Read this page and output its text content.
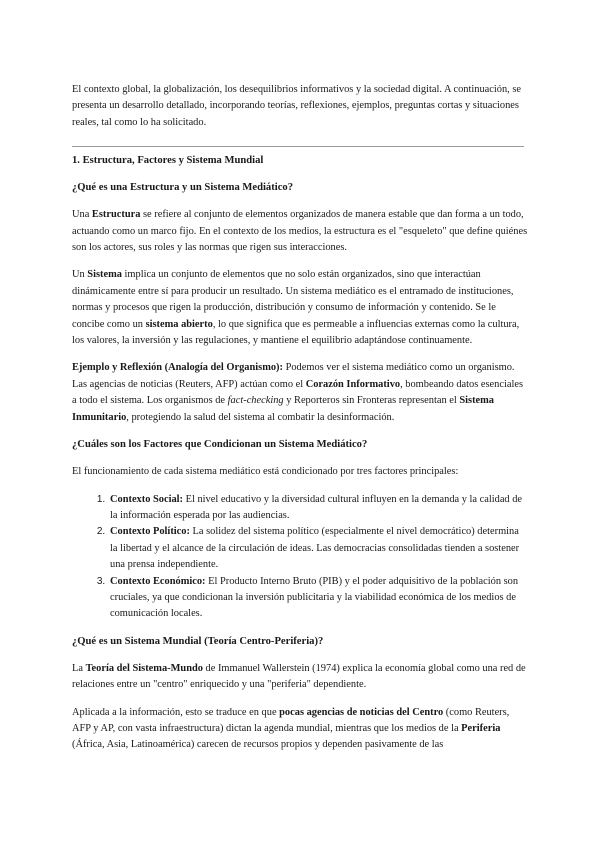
El contexto global, la globalización, los desequilibrios informativos y la sociedad digital. A continuación, se presenta un desarrollo detallado, incorporando teorías, reflexiones, ejemplos, preguntas cortas y situaciones reales, tal como lo ha solicitado.

1. Estructura, Factores y Sistema Mundial
¿Qué es una Estructura y un Sistema Mediático?

Una Estructura se refiere al conjunto de elementos organizados de manera estable que dan forma a un todo, actuando como un marco fijo. En el contexto de los medios, la estructura es el "esqueleto" que define quiénes son los actores, sus roles y las normas que rigen sus interacciones.

Un Sistema implica un conjunto de elementos que no solo están organizados, sino que interactúan dinámicamente entre sí para producir un resultado. Un sistema mediático es el entramado de instituciones, normas y procesos que rigen la producción, distribución y consumo de información y contenido. Se le concibe como un sistema abierto, lo que significa que es permeable a influencias externas como la cultura, los valores, la inversión y las regulaciones, y mantiene el equilibrio adaptándose continuamente.

Ejemplo y Reflexión (Analogía del Organismo): Podemos ver el sistema mediático como un organismo. Las agencias de noticias (Reuters, AFP) actúan como el Corazón Informativo, bombeando datos esenciales a todo el sistema. Los organismos de fact-checking y Reporteros sin Fronteras representan el Sistema Inmunitario, protegiendo la salud del sistema al combatir la desinformación.

¿Cuáles son los Factores que Condicionan un Sistema Mediático?

El funcionamiento de cada sistema mediático está condicionado por tres factores principales:

1. Contexto Social: El nivel educativo y la diversidad cultural influyen en la demanda y la calidad de la información esperada por las audiencias.
2. Contexto Político: La solidez del sistema político (especialmente el nivel democrático) determina la libertad y el alcance de la circulación de ideas. Las democracias consolidadas tienden a sostener una prensa independiente.
3. Contexto Económico: El Producto Interno Bruto (PIB) y el poder adquisitivo de la población son cruciales, ya que condicionan la inversión publicitaria y la viabilidad económica de los medios de comunicación locales.
¿Qué es un Sistema Mundial (Teoría Centro-Periferia)?

La Teoría del Sistema-Mundo de Immanuel Wallerstein (1974) explica la economía global como una red de relaciones entre un "centro" enriquecido y una "periferia" dependiente.

Aplicada a la información, esto se traduce en que pocas agencias de noticias del Centro (como Reuters, AFP y AP, con vasta infraestructura) dictan la agenda mundial, mientras que los medios de la Periferia (África, Asia, Latinoamérica) carecen de recursos propios y dependen pasivamente de las
